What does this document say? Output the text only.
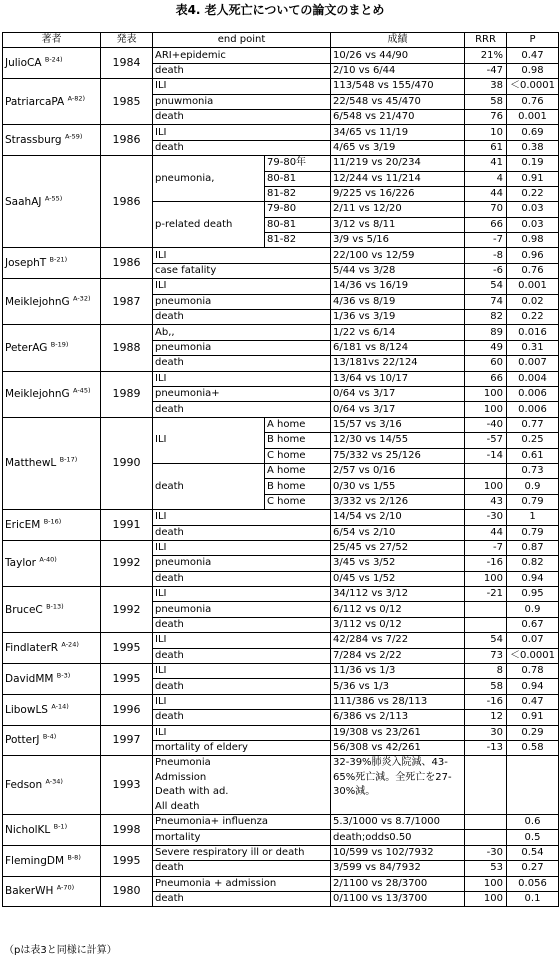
表4. 老人死亡についての論文のまとめ
著者	発表	end point		成績	RRR	P
JulioCA $^{B-24)}$	1984	ARI+epidemic		10/26 vs 44/90	21%	0.47
		death		2/10 vs 6/44	-47	0.98
PatriarcaPA $^{A-82)}$	1985	ILI		113/548 vs 155/470	38	＜0.0001
		pnuwmonia		22/548 vs 45/470	58	0.76
		death		6/548 vs 21/470	76	0.001
Strassburg $^{A-59)}$	1986	ILI		34/65 vs 11/19	10	0.69
		death		4/65 vs 3/19	61	0.38
SaahAJ $^{A-55)}$	1986	pneumonia,	79-80年	11/219 vs 20/234	41	0.19
			80-81	12/244 vs 11/214	4	0.91
			81-82	9/225 vs 16/226	44	0.22
		p-related death	79-80	2/11 vs 12/20	70	0.03
			80-81	3/12 vs 8/11	66	0.03
			81-82	3/9 vs 5/16	-7	0.98
JosephT $^{B-21)}$	1986	ILI		22/100 vs 12/59	-8	0.96
		case fatality		5/44 vs 3/28	-6	0.76
MeiklejohnG $^{A-32)}$	1987	ILI		14/36 vs 16/19	54	0.001
		pneumonia		4/36 vs 8/19	74	0.02
		death		1/36 vs 3/19	82	0.22
PeterAG $^{B-19)}$	1988	Ab,,		1/22 vs 6/14	89	0.016
		pneumonia		6/181 vs 8/124	49	0.31
		death		13/181vs 22/124	60	0.007
MeiklejohnG $^{A-45)}$	1989	ILI		13/64 vs 10/17	66	0.004
		pneumonia+		0/64 vs 3/17	100	0.006
		death		0/64 vs 3/17	100	0.006
MatthewL $^{B-17)}$	1990	ILI	A home	15/57 vs 3/16	-40	0.77
			B home	12/30 vs 14/55	-57	0.25
			C home	75/332 vs 25/126	-14	0.61
		death	A home	2/57 vs 0/16		0.73
			B home	0/30 vs 1/55	100	0.9
			C home	3/332 vs 2/126	43	0.79
EricEM $^{B-16)}$	1991	ILI		14/54 vs 2/10	-30	1
		death		6/54 vs 2/10	44	0.79
Taylor $^{A-40)}$	1992	ILI		25/45 vs 27/52	-7	0.87
		pneumonia		3/45 vs 3/52	-16	0.82
		death		0/45 vs 1/52	100	0.94
BruceC $^{B-13)}$	1992	ILI		34/112 vs 3/12	-21	0.95
		pneumonia		6/112 vs 0/12		0.9
		death		3/112 vs 0/12		0.67
FindlaterR $^{A-24)}$	1995	ILI		42/284 vs 7/22	54	0.07
		death		7/284 vs 2/22	73	＜0.0001
DavidMM $^{B-3)}$	1995	ILI		11/36 vs 1/3	8	0.78
		death		5/36 vs 1/3	58	0.94
LibowLS $^{A-14)}$	1996	ILI		111/386 vs 28/113	-16	0.47
		death		6/386 vs 2/113	12	0.91
PotterJ $^{B-4)}$	1997	ILI		19/308 vs 23/261	30	0.29
		mortality of eldery		56/308 vs 42/261	-13	0.58
Fedson $^{A-34)}$	1993	Pneumonia
Admission
Death with ad.
All death		32-39%肺炎入院減、43-65%死亡減。全死亡を27-30%減。		
NicholKL $^{B-1)}$	1998	Pneumonia+ influenza		5.3/1000 vs 8.7/1000		0.6
		mortality		death;odds0.50		0.5
FlemingDM $^{B-8)}$	1995	Severe respiratory ill or death		10/599 vs 102/7932	-30	0.54
		death		3/599 vs 84/7932	53	0.27
BakerWH $^{A-70)}$	1980	Pneumonia + admission		2/1100 vs 28/3700	100	0.056
		death		0/1100 vs 13/3700	100	0.1
（pは表3と同様に計算）
